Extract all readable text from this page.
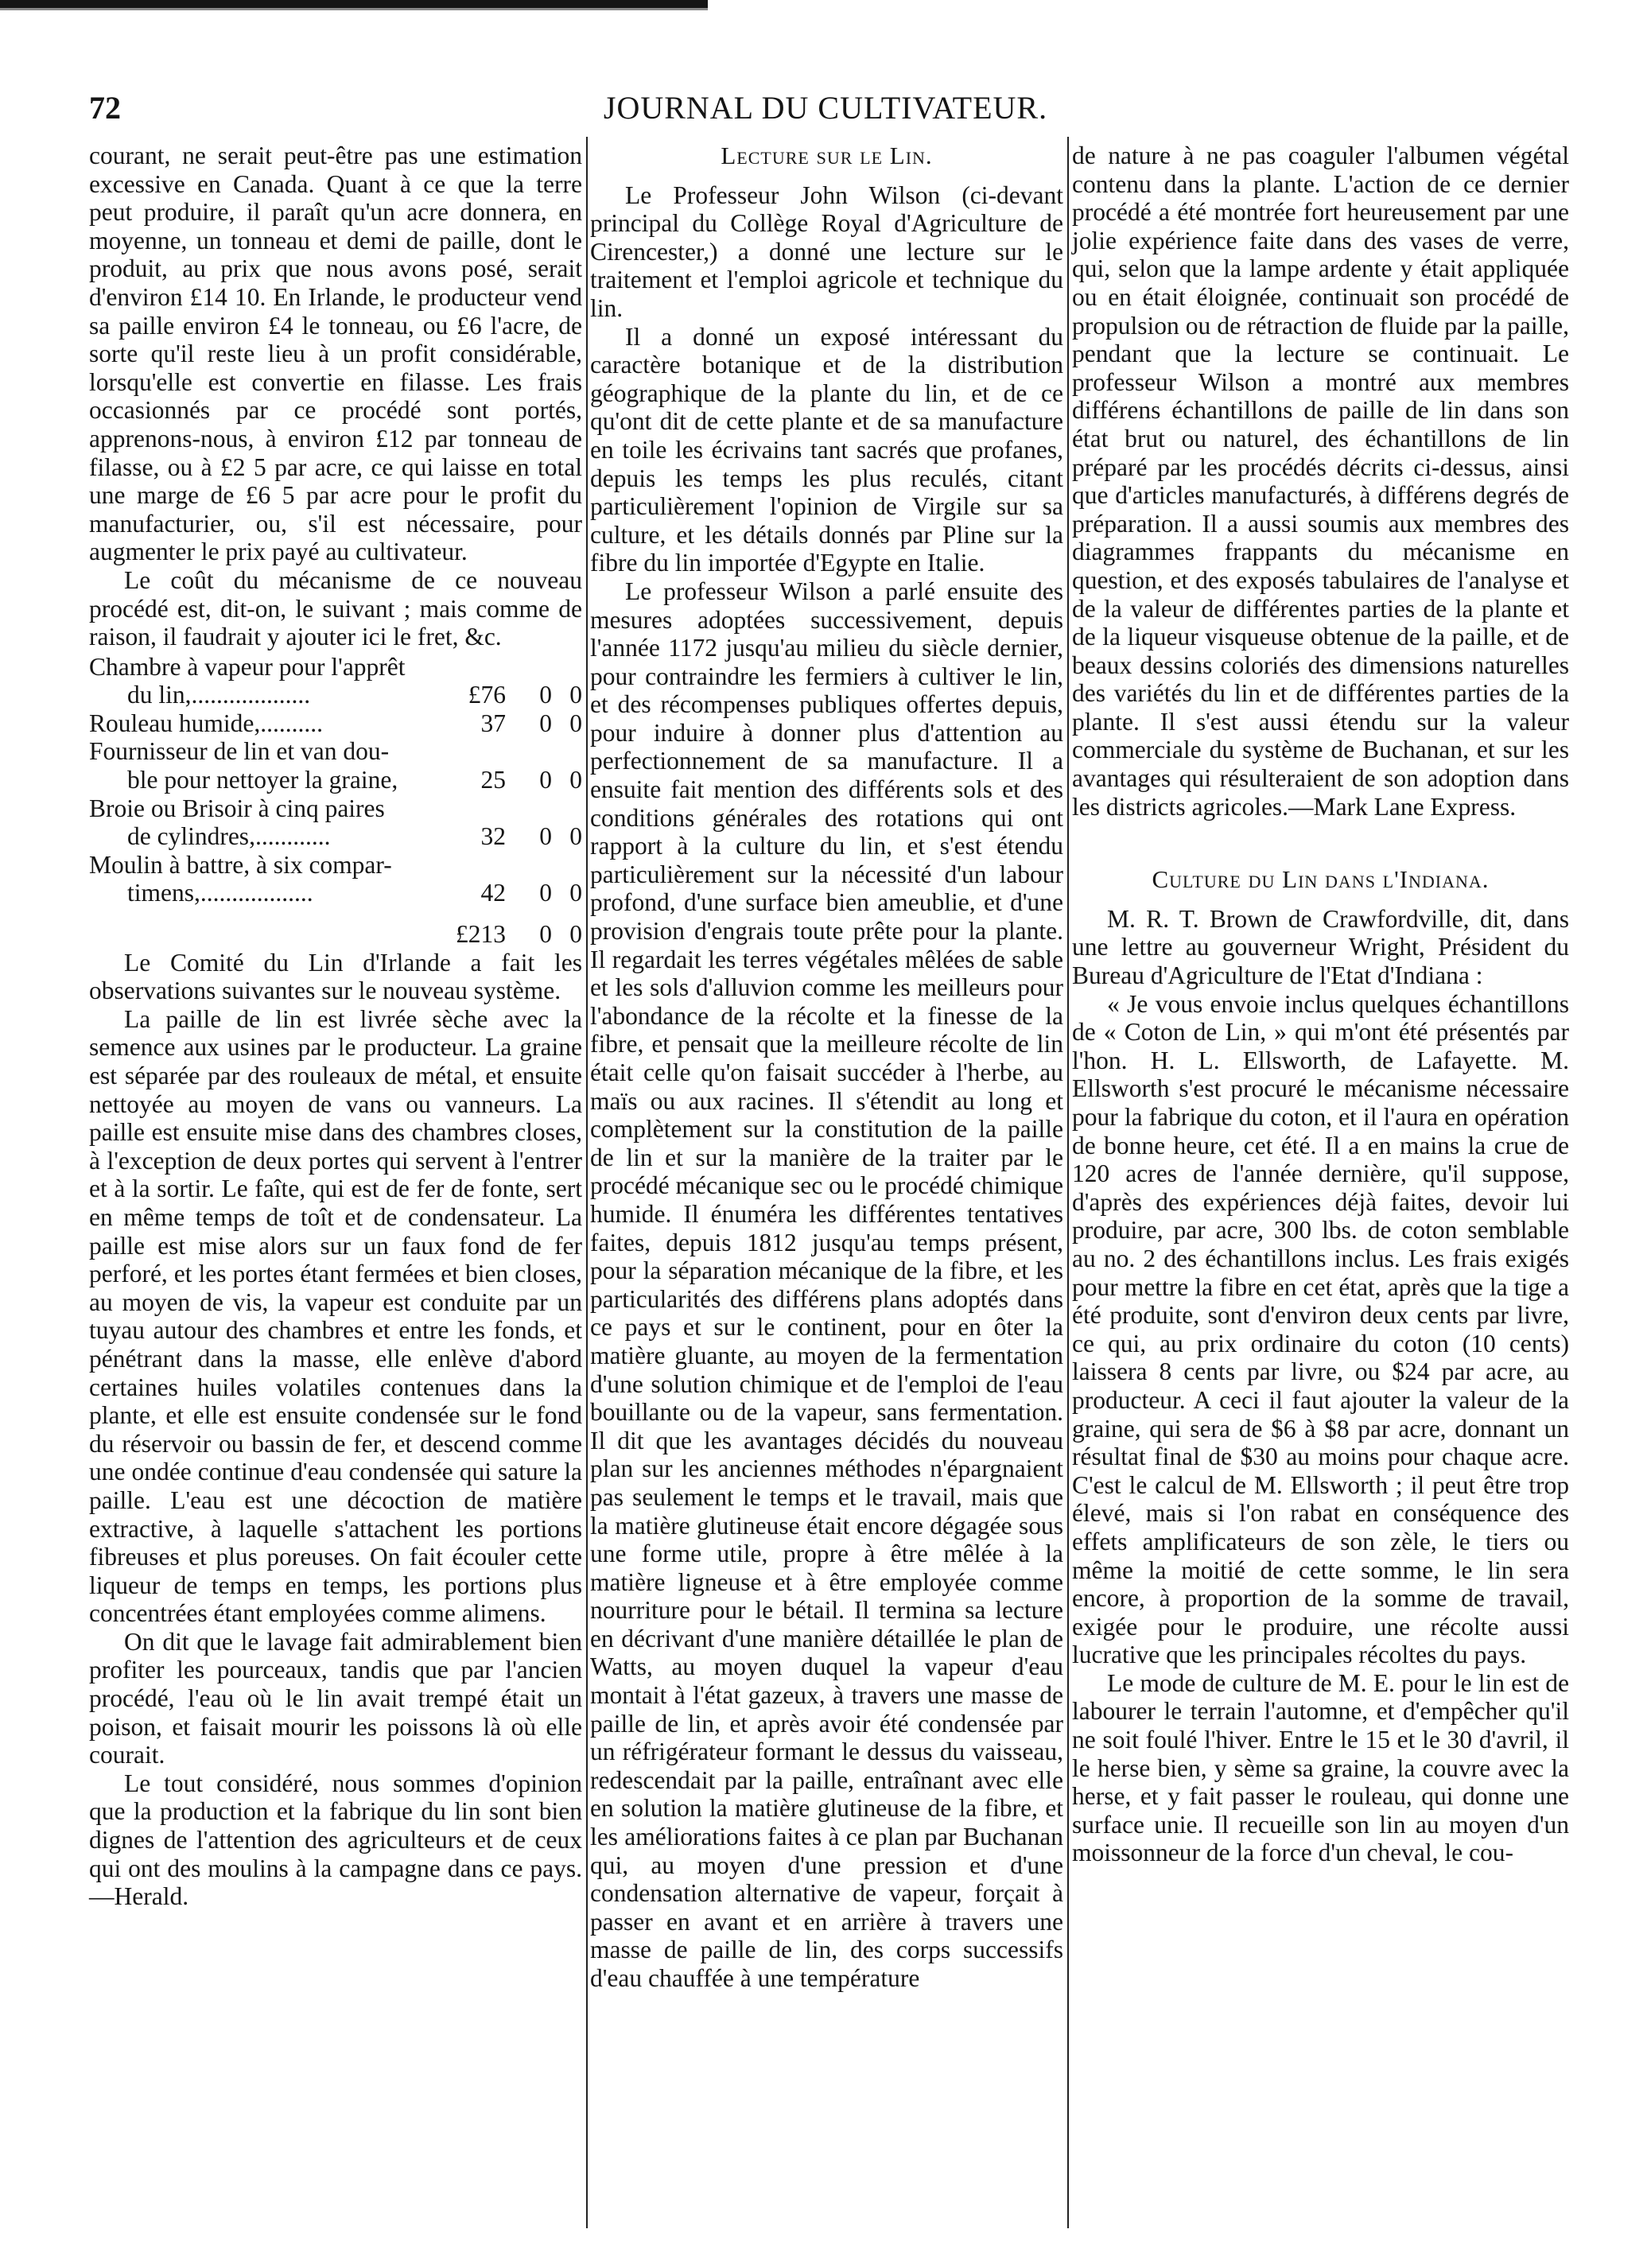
72	JOURNAL DU CULTIVATEUR.

courant, ne serait peut-être pas une estimation excessive en Canada. Quant à ce que la terre peut produire, il paraît qu'un acre donnera, en moyenne, un tonneau et demi de paille, dont le produit, au prix que nous avons posé, serait d'environ £14 10. En Irlande, le producteur vend sa paille environ £4 le tonneau, ou £6 l'acre, de sorte qu'il reste lieu à un profit considérable, lorsqu'elle est convertie en filasse. Les frais occasionnés par ce procédé sont portés, apprenons-nous, à environ £12 par tonneau de filasse, ou à £2 5 par acre, ce qui laisse en total une marge de £6 5 par acre pour le profit du manufacturier, ou, s'il est nécessaire, pour augmenter le prix payé au cultivateur.

Le coût du mécanisme de ce nouveau procédé est, dit-on, le suivant ; mais comme de raison, il faudrait y ajouter ici le fret, &c.

Chambre à vapeur pour l'apprêt
du lin,...................	£76	0	0
Rouleau humide,..........	37	0	0
Fournisseur de lin et van dou-
ble pour nettoyer la graine,	25	0	0
Broie ou Brisoir à cinq paires
de cylindres,............	32	0	0
Moulin à battre, à six compar-
timens,..................	42	0	0
	£213	0	0

Le Comité du Lin d'Irlande a fait les observations suivantes sur le nouveau système.

La paille de lin est livrée sèche avec la semence aux usines par le producteur. La graine est séparée par des rouleaux de métal, et ensuite nettoyée au moyen de vans ou vanneurs. La paille est ensuite mise dans des chambres closes, à l'exception de deux portes qui servent à l'entrer et à la sortir. Le faîte, qui est de fer de fonte, sert en même temps de toît et de condensateur. La paille est mise alors sur un faux fond de fer perforé, et les portes étant fermées et bien closes, au moyen de vis, la vapeur est conduite par un tuyau autour des chambres et entre les fonds, et pénétrant dans la masse, elle enlève d'abord certaines huiles volatiles contenues dans la plante, et elle est ensuite condensée sur le fond du réservoir ou bassin de fer, et descend comme une ondée continue d'eau condensée qui sature la paille. L'eau est une décoction de matière extractive, à laquelle s'attachent les portions fibreuses et plus poreuses. On fait écouler cette liqueur de temps en temps, les portions plus concentrées étant employées comme alimens.

On dit que le lavage fait admirablement bien profiter les pourceaux, tandis que par l'ancien procédé, l'eau où le lin avait trempé était un poison, et faisait mourir les poissons là où elle courait.

Le tout considéré, nous sommes d'opinion que la production et la fabrique du lin sont bien dignes de l'attention des agriculteurs et de ceux qui ont des moulins à la campagne dans ce pays.—Herald.

Lecture sur le Lin.

Le Professeur John Wilson (ci-devant principal du Collège Royal d'Agriculture de Cirencester,) a donné une lecture sur le traitement et l'emploi agricole et technique du lin.

Il a donné un exposé intéressant du caractère botanique et de la distribution géographique de la plante du lin, et de ce qu'ont dit de cette plante et de sa manufacture en toile les écrivains tant sacrés que profanes, depuis les temps les plus reculés, citant particulièrement l'opinion de Virgile sur sa culture, et les détails donnés par Pline sur la fibre du lin importée d'Egypte en Italie.

Le professeur Wilson a parlé ensuite des mesures adoptées successivement, depuis l'année 1172 jusqu'au milieu du siècle dernier, pour contraindre les fermiers à cultiver le lin, et des récompenses publiques offertes depuis, pour induire à donner plus d'attention au perfectionnement de sa manufacture. Il a ensuite fait mention des différents sols et des conditions générales des rotations qui ont rapport à la culture du lin, et s'est étendu particulièrement sur la nécessité d'un labour profond, d'une surface bien ameublie, et d'une provision d'engrais toute prête pour la plante. Il regardait les terres végétales mêlées de sable et les sols d'alluvion comme les meilleurs pour l'abondance de la récolte et la finesse de la fibre, et pensait que la meilleure récolte de lin était celle qu'on faisait succéder à l'herbe, au maïs ou aux racines. Il s'étendit au long et complètement sur la constitution de la paille de lin et sur la manière de la traiter par le procédé mécanique sec ou le procédé chimique humide. Il énuméra les différentes tentatives faites, depuis 1812 jusqu'au temps présent, pour la séparation mécanique de la fibre, et les particularités des différens plans adoptés dans ce pays et sur le continent, pour en ôter la matière gluante, au moyen de la fermentation d'une solution chimique et de l'emploi de l'eau bouillante ou de la vapeur, sans fermentation. Il dit que les avantages décidés du nouveau plan sur les anciennes méthodes n'épargnaient pas seulement le temps et le travail, mais que la matière glutineuse était encore dégagée sous une forme utile, propre à être mêlée à la matière ligneuse et à être employée comme nourriture pour le bétail. Il termina sa lecture en décrivant d'une manière détaillée le plan de Watts, au moyen duquel la vapeur d'eau montait à l'état gazeux, à travers une masse de paille de lin, et après avoir été condensée par un réfrigérateur formant le dessus du vaisseau, redescendait par la paille, entraînant avec elle en solution la matière glutineuse de la fibre, et les améliorations faites à ce plan par Buchanan qui, au moyen d'une pression et d'une condensation alternative de vapeur, forçait à passer en avant et en arrière à travers une masse de paille de lin, des corps successifs d'eau chauffée à une température

de nature à ne pas coaguler l'albumen végétal contenu dans la plante. L'action de ce dernier procédé a été montrée fort heureusement par une jolie expérience faite dans des vases de verre, qui, selon que la lampe ardente y était appliquée ou en était éloignée, continuait son procédé de propulsion ou de rétraction de fluide par la paille, pendant que la lecture se continuait. Le professeur Wilson a montré aux membres différens échantillons de paille de lin dans son état brut ou naturel, des échantillons de lin préparé par les procédés décrits ci-dessus, ainsi que d'articles manufacturés, à différens degrés de préparation. Il a aussi soumis aux membres des diagrammes frappants du mécanisme en question, et des exposés tabulaires de l'analyse et de la valeur de différentes parties de la plante et de la liqueur visqueuse obtenue de la paille, et de beaux dessins coloriés des dimensions naturelles des variétés du lin et de différentes parties de la plante. Il s'est aussi étendu sur la valeur commerciale du système de Buchanan, et sur les avantages qui résulteraient de son adoption dans les districts agricoles.—Mark Lane Express.

Culture du Lin dans l'Indiana.

M. R. T. Brown de Crawfordville, dit, dans une lettre au gouverneur Wright, Président du Bureau d'Agriculture de l'Etat d'Indiana :

« Je vous envoie inclus quelques échantillons de « Coton de Lin, » qui m'ont été présentés par l'hon. H. L. Ellsworth, de Lafayette. M. Ellsworth s'est procuré le mécanisme nécessaire pour la fabrique du coton, et il l'aura en opération de bonne heure, cet été. Il a en mains la crue de 120 acres de l'année dernière, qu'il suppose, d'après des expériences déjà faites, devoir lui produire, par acre, 300 lbs. de coton semblable au no. 2 des échantillons inclus. Les frais exigés pour mettre la fibre en cet état, après que la tige a été produite, sont d'environ deux cents par livre, ce qui, au prix ordinaire du coton (10 cents) laissera 8 cents par livre, ou $24 par acre, au producteur. A ceci il faut ajouter la valeur de la graine, qui sera de $6 à $8 par acre, donnant un résultat final de $30 au moins pour chaque acre. C'est le calcul de M. Ellsworth ; il peut être trop élevé, mais si l'on rabat en conséquence des effets amplificateurs de son zèle, le tiers ou même la moitié de cette somme, le lin sera encore, à proportion de la somme de travail, exigée pour le produire, une récolte aussi lucrative que les principales récoltes du pays.

Le mode de culture de M. E. pour le lin est de labourer le terrain l'automne, et d'empêcher qu'il ne soit foulé l'hiver. Entre le 15 et le 30 d'avril, il le herse bien, y sème sa graine, la couvre avec la herse, et y fait passer le rouleau, qui donne une surface unie. Il recueille son lin au moyen d'un moissonneur de la force d'un cheval, le cou-
